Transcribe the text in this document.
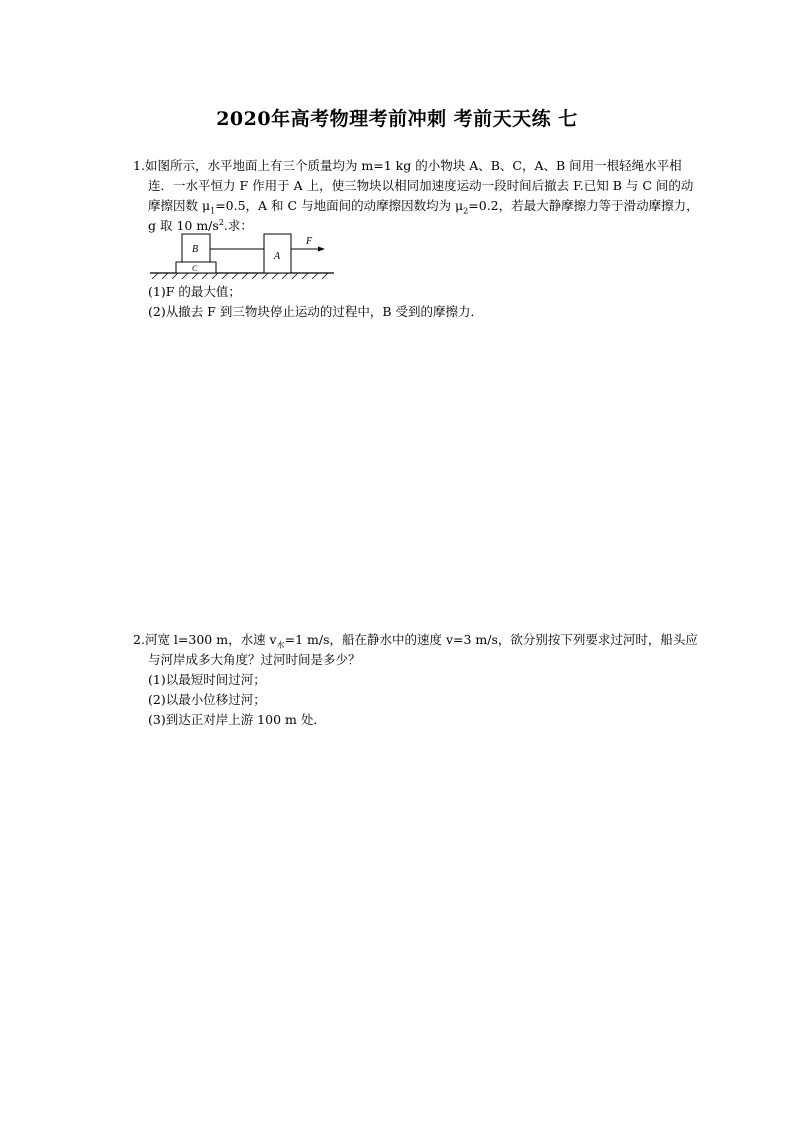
2020年高考物理考前冲刺 考前天天练 七

1.如图所示，水平地面上有三个质量均为 m=1 kg 的小物块 A、B、C，A、B 间用一根轻绳水平相连．一水平恒力 F 作用于 A 上，使三物块以相同加速度运动一段时间后撤去 F.已知 B 与 C 间的动摩擦因数 $\mu_1=0.5$，A 和 C 与地面间的动摩擦因数均为 $\mu_2=0.2$，若最大静摩擦力等于滑动摩擦力，g 取 10 $m/s^2$.求：

B
C
A
F

(1)F 的最大值；

(2)从撤去 F 到三物块停止运动的过程中，B 受到的摩擦力．

2.河宽 l=300 m，水速 $v_水=1$ m/s，船在静水中的速度 v=3 m/s，欲分别按下列要求过河时，船头应与河岸成多大角度？过河时间是多少？

(1)以最短时间过河；

(2)以最小位移过河；

(3)到达正对岸上游 100 m 处．
